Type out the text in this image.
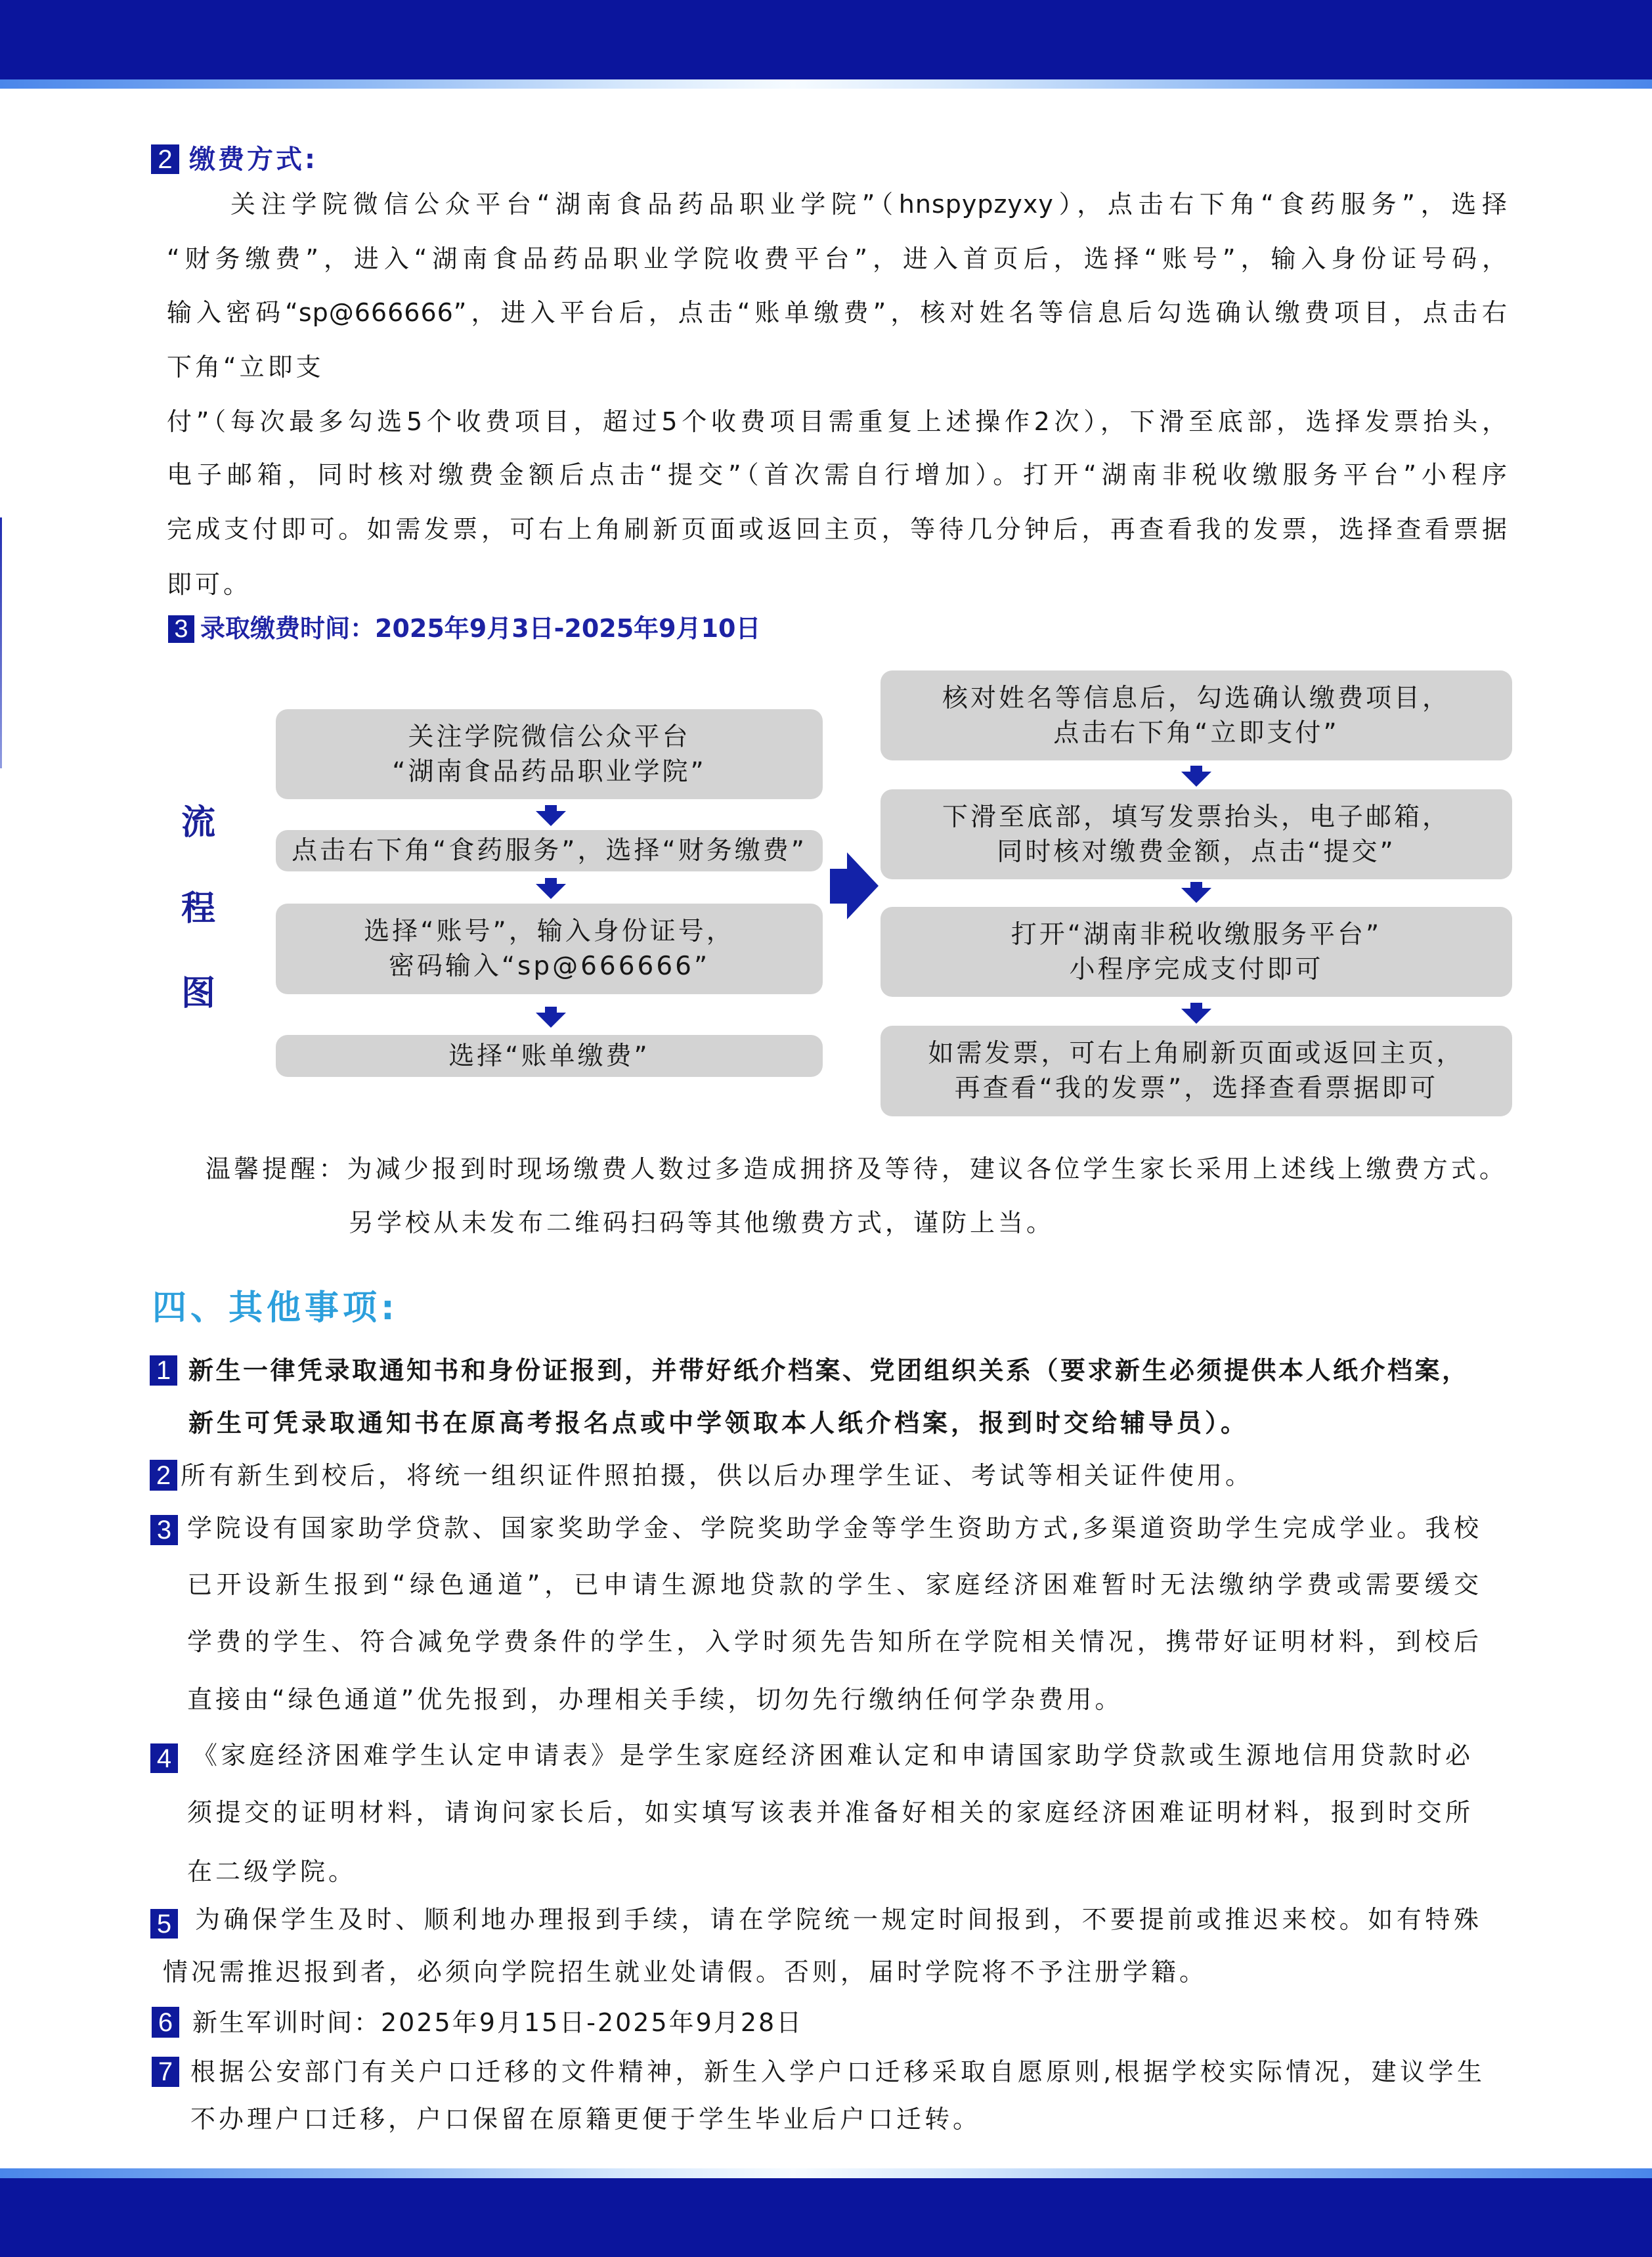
2 缴费方式:
关注学院微信公众平台“湖南食品药品职业学院”（hnspypzyxy），点击右下角“食药服务”，选择
“财务缴费”，进入“湖南食品药品职业学院收费平台”，进入首页后，选择“账号”，输入身份证号码，
输入密码“sp@666666”，进入平台后，点击“账单缴费”，核对姓名等信息后勾选确认缴费项目，点击右
下角“立即支
付”（每次最多勾选5个收费项目，超过5个收费项目需重复上述操作2次），下滑至底部，选择发票抬头，
电子邮箱，同时核对缴费金额后点击“提交”（首次需自行增加）。打开“湖南非税收缴服务平台”小程序
完成支付即可。如需发票，可右上角刷新页面或返回主页，等待几分钟后，再查看我的发票，选择查看票据
即可。
3 录取缴费时间：2025年9月3日-2025年9月10日
流
程
图
关注学院微信公众平台
“湖南食品药品职业学院”
点击右下角“食药服务”，选择“财务缴费”
选择“账号”，输入身份证号，
密码输入“sp@666666”
选择“账单缴费”
核对姓名等信息后，勾选确认缴费项目，
点击右下角“立即支付”
下滑至底部，填写发票抬头，电子邮箱，
同时核对缴费金额，点击“提交”
打开“湖南非税收缴服务平台”
小程序完成支付即可
如需发票，可右上角刷新页面或返回主页，
再查看“我的发票”，选择查看票据即可
温馨提醒：为减少报到时现场缴费人数过多造成拥挤及等待，建议各位学生家长采用上述线上缴费方式。
另学校从未发布二维码扫码等其他缴费方式，谨防上当。
四、其他事项:
1 新生一律凭录取通知书和身份证报到，并带好纸介档案、党团组织关系（要求新生必须提供本人纸介档案，
新生可凭录取通知书在原高考报名点或中学领取本人纸介档案，报到时交给辅导员）。
2 所有新生到校后，将统一组织证件照拍摄，供以后办理学生证、考试等相关证件使用。
3 学院设有国家助学贷款、国家奖助学金、学院奖助学金等学生资助方式,多渠道资助学生完成学业。我校
已开设新生报到“绿色通道”，已申请生源地贷款的学生、家庭经济困难暂时无法缴纳学费或需要缓交
学费的学生、符合减免学费条件的学生，入学时须先告知所在学院相关情况，携带好证明材料，到校后
直接由“绿色通道”优先报到，办理相关手续，切勿先行缴纳任何学杂费用。
4 《家庭经济困难学生认定申请表》是学生家庭经济困难认定和申请国家助学贷款或生源地信用贷款时必
须提交的证明材料，请询问家长后，如实填写该表并准备好相关的家庭经济困难证明材料，报到时交所
在二级学院。
5 为确保学生及时、顺利地办理报到手续，请在学院统一规定时间报到，不要提前或推迟来校。如有特殊
情况需推迟报到者，必须向学院招生就业处请假。否则，届时学院将不予注册学籍。
6 新生军训时间：2025年9月15日-2025年9月28日
7 根据公安部门有关户口迁移的文件精神，新生入学户口迁移采取自愿原则,根据学校实际情况，建议学生
不办理户口迁移，户口保留在原籍更便于学生毕业后户口迁转。
